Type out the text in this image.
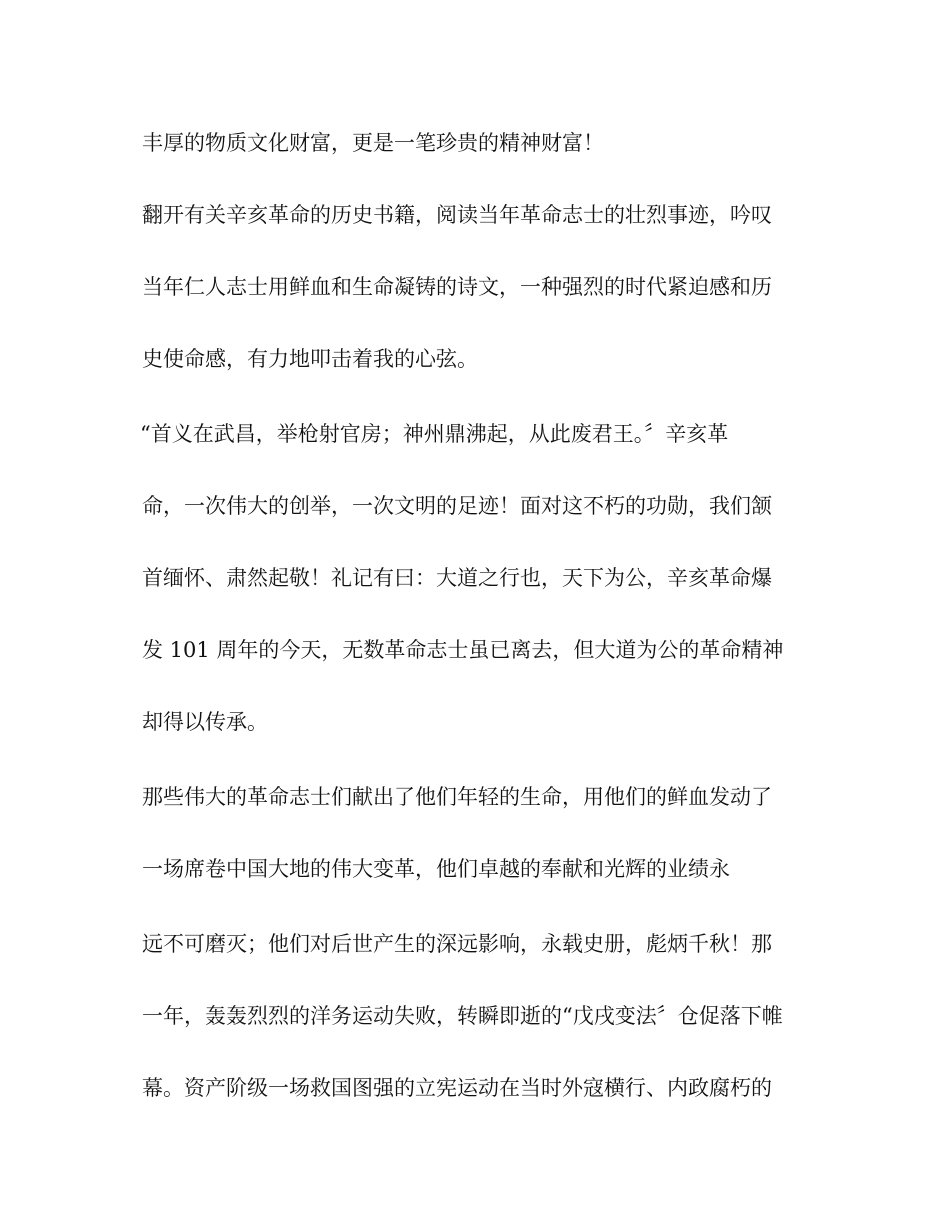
丰厚的物质文化财富，更是一笔珍贵的精神财富！

翻开有关辛亥革命的历史书籍，阅读当年革命志士的壮烈事迹，吟叹

当年仁人志士用鲜血和生命凝铸的诗文，一种强烈的时代紧迫感和历

史使命感，有力地叩击着我的心弦。

“首义在武昌，举枪射官房；神州鼎沸起，从此废君王。〞辛亥革

命，一次伟大的创举，一次文明的足迹！面对这不朽的功勋，我们颔

首缅怀、肃然起敬！礼记有曰：大道之行也，天下为公，辛亥革命爆

发 101 周年的今天，无数革命志士虽已离去，但大道为公的革命精神

却得以传承。

那些伟大的革命志士们献出了他们年轻的生命，用他们的鲜血发动了

一场席卷中国大地的伟大变革，他们卓越的奉献和光辉的业绩永

远不可磨灭；他们对后世产生的深远影响，永载史册，彪炳千秋！那

一年，轰轰烈烈的洋务运动失败，转瞬即逝的“戊戌变法〞仓促落下帷

幕。资产阶级一场救国图强的立宪运动在当时外寇横行、内政腐朽的
